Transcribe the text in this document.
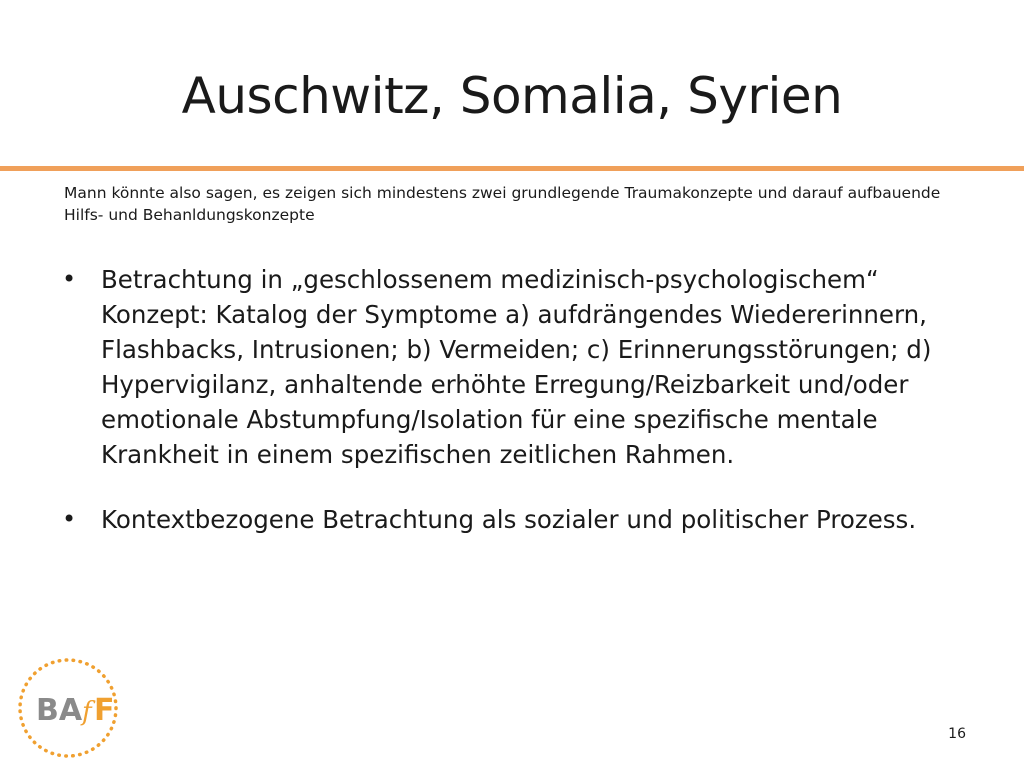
Auschwitz, Somalia, Syrien
Mann könnte also sagen, es zeigen sich mindestens zwei grundlegende Traumakonzepte und darauf aufbauende Hilfs- und Behanldungskonzepte
• Betrachtung in „geschlossenem medizinisch-psychologischem“ Konzept: Katalog der Symptome a) aufdrängendes Wiedererinnern, Flashbacks, Intrusionen; b) Vermeiden; c) Erinnerungsstörungen; d) Hypervigilanz, anhaltende erhöhte Erregung/Reizbarkeit und/oder emotionale Abstumpfung/Isolation für eine spezifische mentale Krankheit in einem spezifischen zeitlichen Rahmen.
• Kontextbezogene Betrachtung als sozialer und politischer Prozess.
BA f F
16
